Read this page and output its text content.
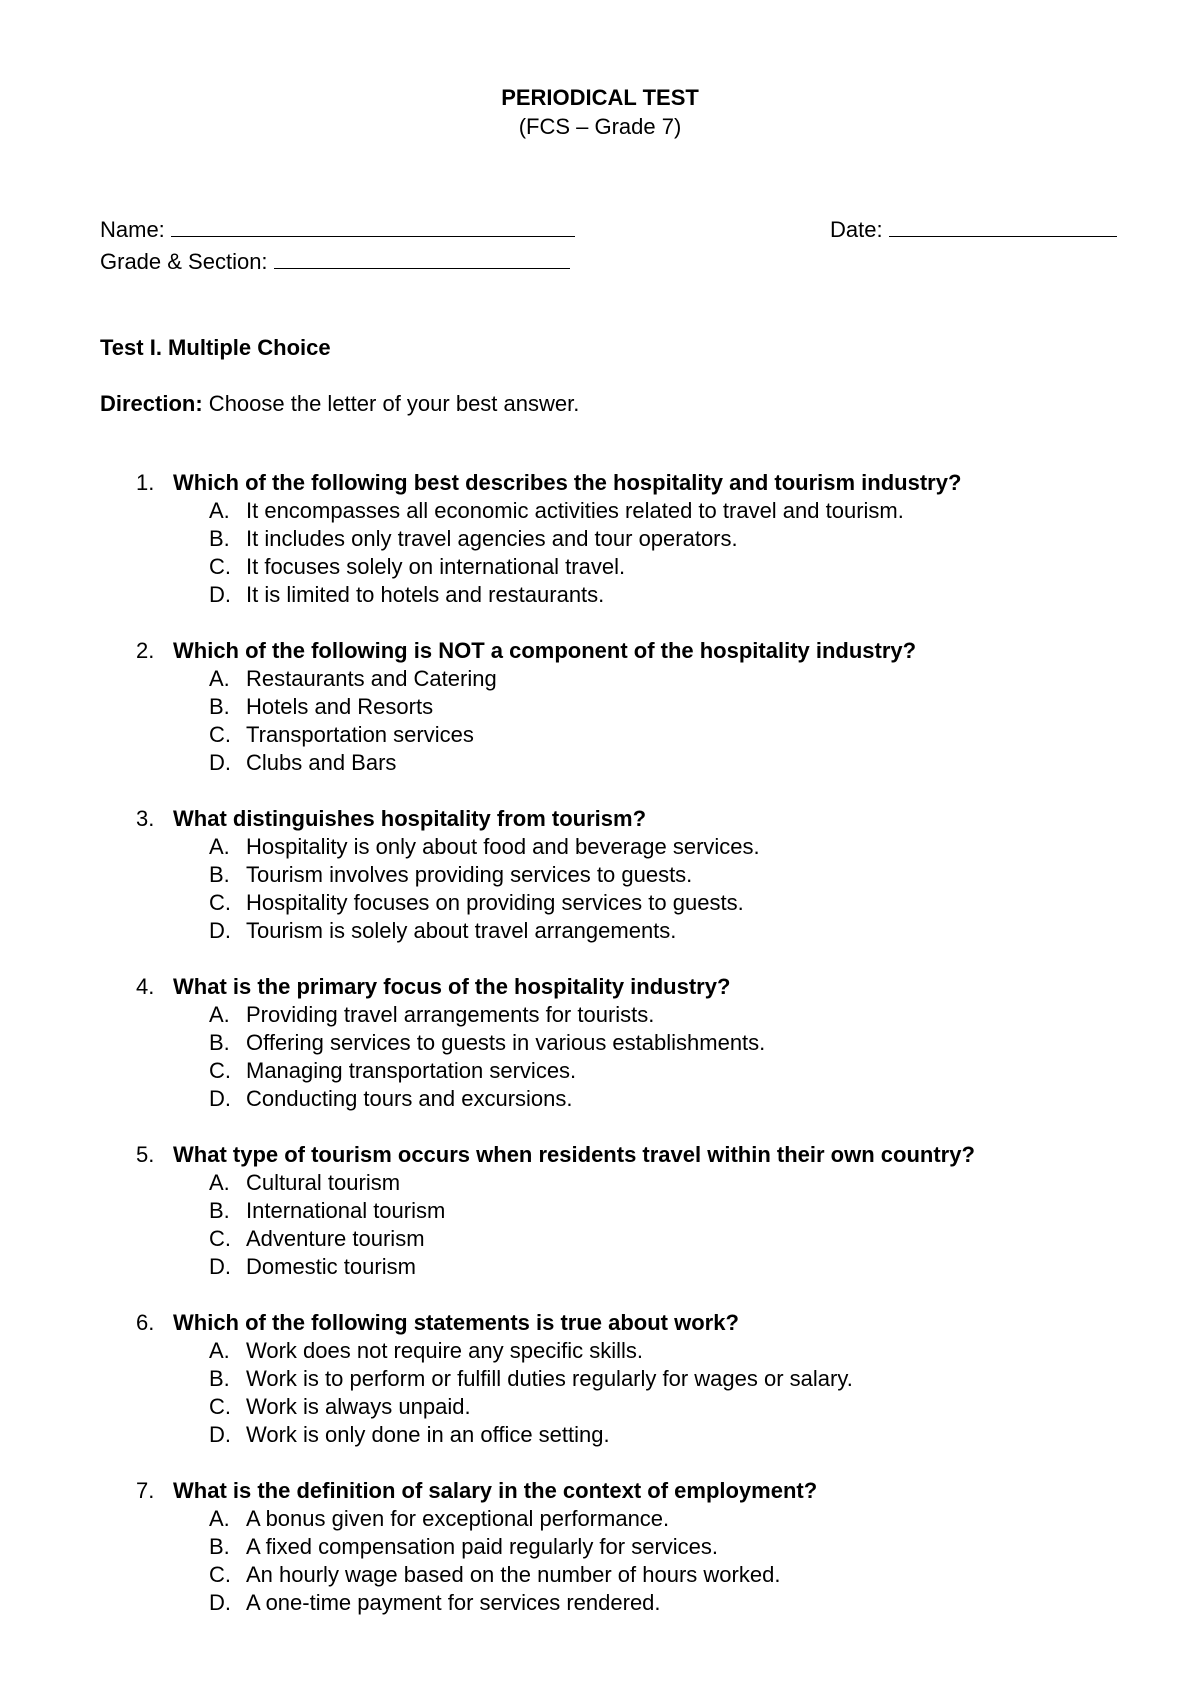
PERIODICAL TEST
(FCS – Grade 7)
Name:	Date:
Grade & Section:
Test I. Multiple Choice
Direction: Choose the letter of your best answer.
1. Which of the following best describes the hospitality and tourism industry?
A. It encompasses all economic activities related to travel and tourism.
B. It includes only travel agencies and tour operators.
C. It focuses solely on international travel.
D. It is limited to hotels and restaurants.
2. Which of the following is NOT a component of the hospitality industry?
A. Restaurants and Catering
B. Hotels and Resorts
C. Transportation services
D. Clubs and Bars
3. What distinguishes hospitality from tourism?
A. Hospitality is only about food and beverage services.
B. Tourism involves providing services to guests.
C. Hospitality focuses on providing services to guests.
D. Tourism is solely about travel arrangements.
4. What is the primary focus of the hospitality industry?
A. Providing travel arrangements for tourists.
B. Offering services to guests in various establishments.
C. Managing transportation services.
D. Conducting tours and excursions.
5. What type of tourism occurs when residents travel within their own country?
A. Cultural tourism
B. International tourism
C. Adventure tourism
D. Domestic tourism
6. Which of the following statements is true about work?
A. Work does not require any specific skills.
B. Work is to perform or fulfill duties regularly for wages or salary.
C. Work is always unpaid.
D. Work is only done in an office setting.
7. What is the definition of salary in the context of employment?
A. A bonus given for exceptional performance.
B. A fixed compensation paid regularly for services.
C. An hourly wage based on the number of hours worked.
D. A one-time payment for services rendered.
